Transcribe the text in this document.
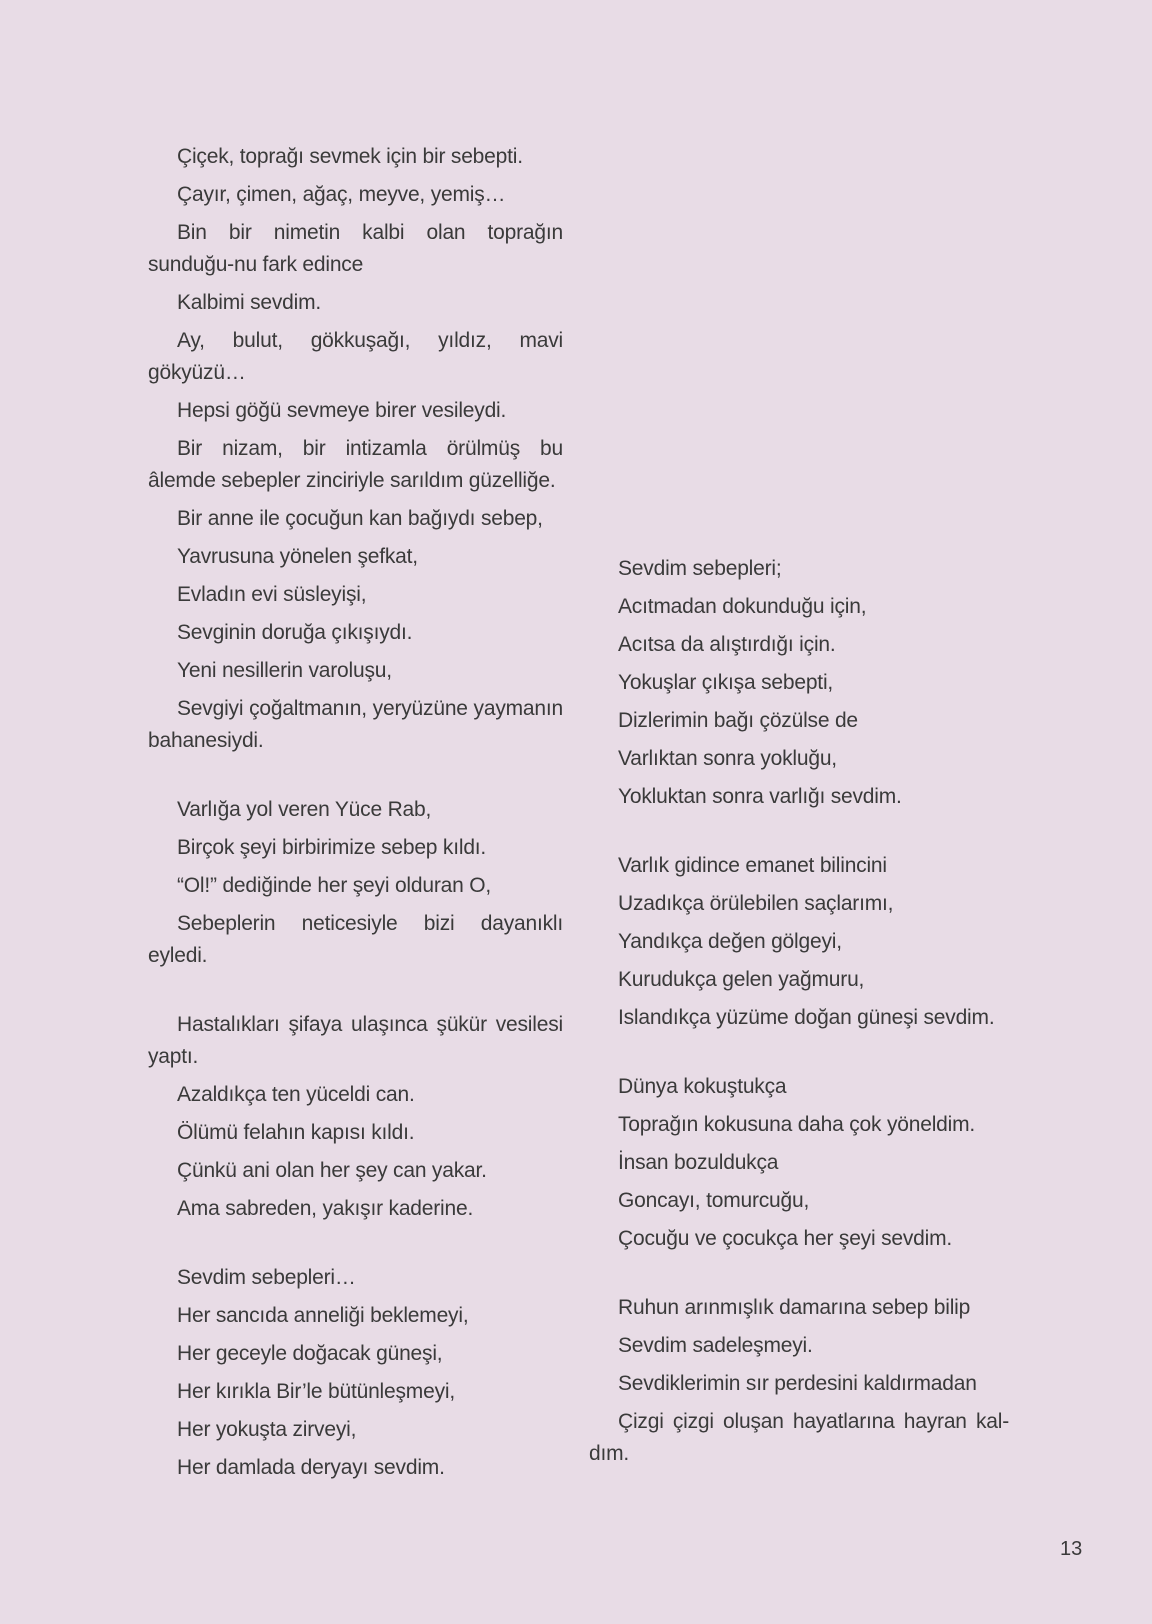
Çiçek, toprağı sevmek için bir sebepti.

Çayır, çimen, ağaç, meyve, yemiş…

Bin bir nimetin kalbi olan toprağın sunduğu-nu fark edince

Kalbimi sevdim.

Ay, bulut, gökkuşağı, yıldız, mavi gökyüzü…

Hepsi göğü sevmeye birer vesileydi.

Bir nizam, bir intizamla örülmüş bu âlemde sebepler zinciriyle sarıldım güzelliğe.

Bir anne ile çocuğun kan bağıydı sebep,

Yavrusuna yönelen şefkat,

Evladın evi süsleyişi,

Sevginin doruğa çıkışıydı.

Yeni nesillerin varoluşu,

Sevgiyi çoğaltmanın, yeryüzüne yaymanın bahanesiydi.

Varlığa yol veren Yüce Rab,

Birçok şeyi birbirimize sebep kıldı.

“Ol!” dediğinde her şeyi olduran O,

Sebeplerin neticesiyle bizi dayanıklı eyledi.

Hastalıkları şifaya ulaşınca şükür vesilesi yaptı.

Azaldıkça ten yüceldi can.

Ölümü felahın kapısı kıldı.

Çünkü ani olan her şey can yakar.

Ama sabreden, yakışır kaderine.

Sevdim sebepleri…

Her sancıda anneliği beklemeyi,

Her geceyle doğacak güneşi,

Her kırıkla Bir’le bütünleşmeyi,

Her yokuşta zirveyi,

Her damlada deryayı sevdim.

Sevdim sebepleri;

Acıtmadan dokunduğu için,

Acıtsa da alıştırdığı için.

Yokuşlar çıkışa sebepti,

Dizlerimin bağı çözülse de

Varlıktan sonra yokluğu,

Yokluktan sonra varlığı sevdim.

Varlık gidince emanet bilincini

Uzadıkça örülebilen saçlarımı,

Yandıkça değen gölgeyi,

Kurudukça gelen yağmuru,

Islandıkça yüzüme doğan güneşi sevdim.

Dünya kokuştukça

Toprağın kokusuna daha çok yöneldim.

İnsan bozuldukça

Goncayı, tomurcuğu,

Çocuğu ve çocukça her şeyi sevdim.

Ruhun arınmışlık damarına sebep bilip

Sevdim sadeleşmeyi.

Sevdiklerimin sır perdesini kaldırmadan

Çizgi çizgi oluşan hayatlarına hayran kal-dım.

13
